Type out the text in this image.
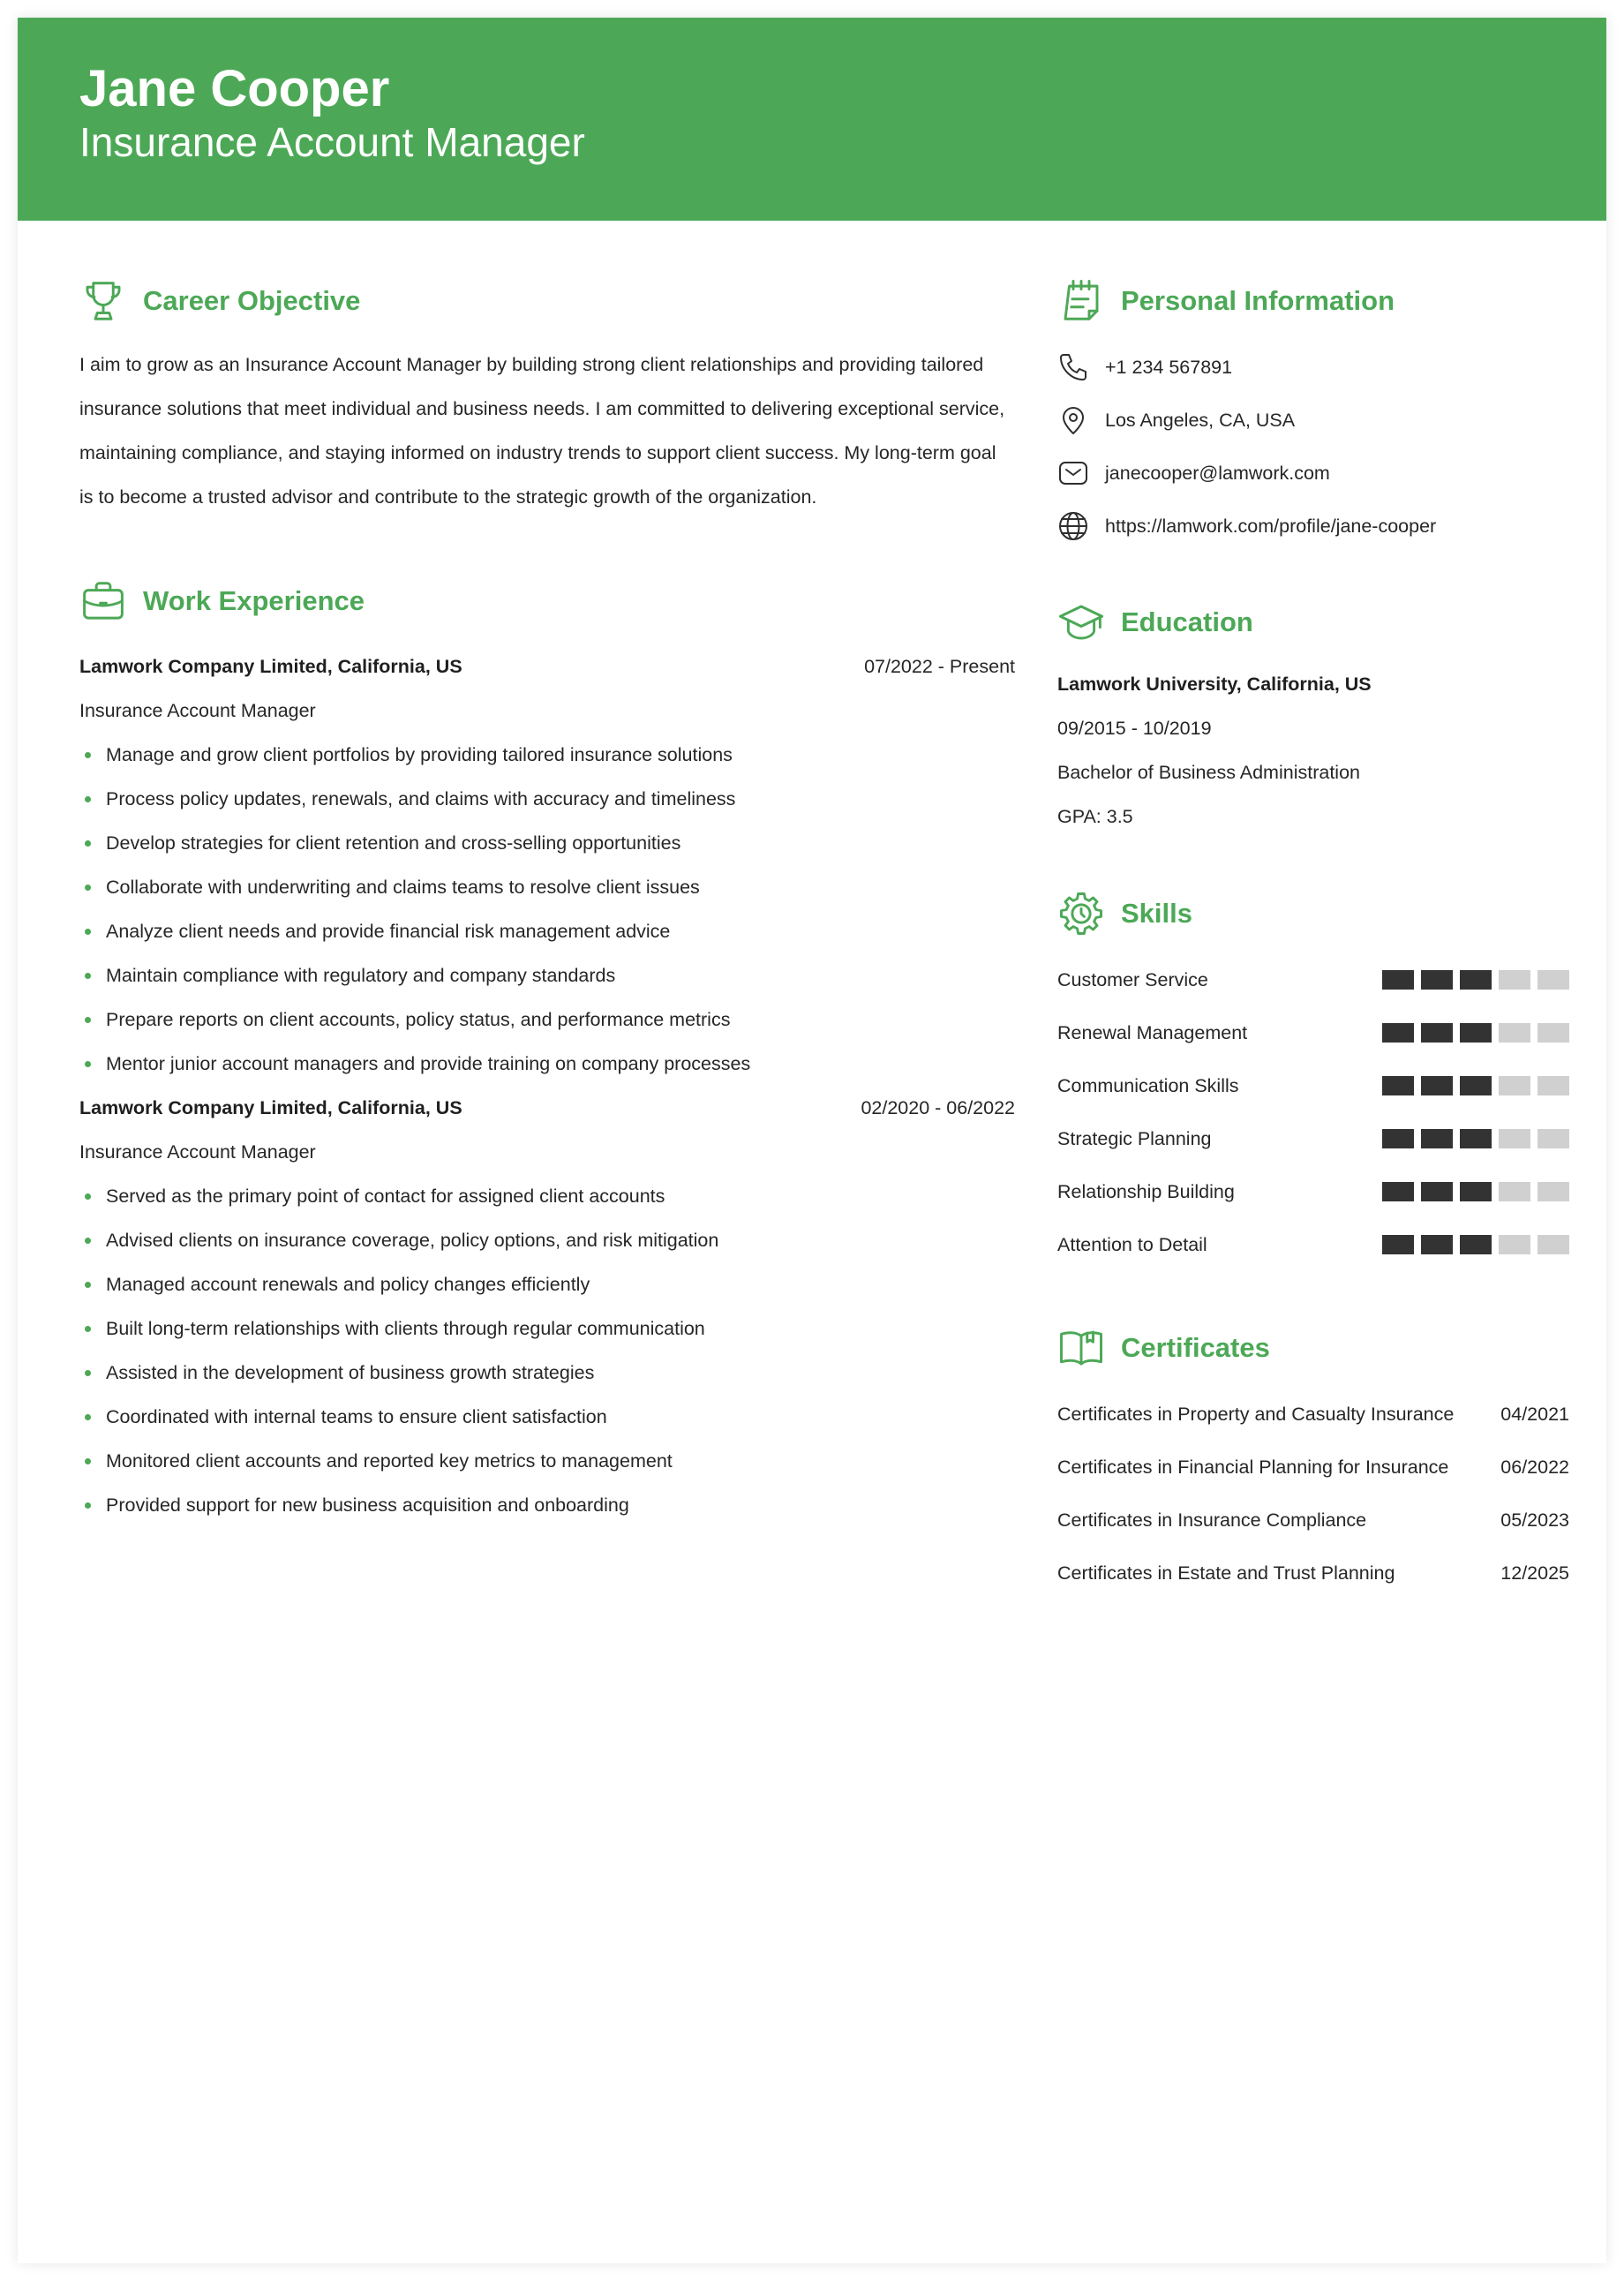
Jane Cooper
Insurance Account Manager
Career Objective
I aim to grow as an Insurance Account Manager by building strong client relationships and providing tailored insurance solutions that meet individual and business needs. I am committed to delivering exceptional service, maintaining compliance, and staying informed on industry trends to support client success. My long-term goal is to become a trusted advisor and contribute to the strategic growth of the organization.
Work Experience
Lamwork Company Limited, California, US	07/2022 - Present
Insurance Account Manager
Manage and grow client portfolios by providing tailored insurance solutions
Process policy updates, renewals, and claims with accuracy and timeliness
Develop strategies for client retention and cross-selling opportunities
Collaborate with underwriting and claims teams to resolve client issues
Analyze client needs and provide financial risk management advice
Maintain compliance with regulatory and company standards
Prepare reports on client accounts, policy status, and performance metrics
Mentor junior account managers and provide training on company processes
Lamwork Company Limited, California, US	02/2020 - 06/2022
Insurance Account Manager
Served as the primary point of contact for assigned client accounts
Advised clients on insurance coverage, policy options, and risk mitigation
Managed account renewals and policy changes efficiently
Built long-term relationships with clients through regular communication
Assisted in the development of business growth strategies
Coordinated with internal teams to ensure client satisfaction
Monitored client accounts and reported key metrics to management
Provided support for new business acquisition and onboarding
Personal Information
+1 234 567891
Los Angeles, CA, USA
janecooper@lamwork.com
https://lamwork.com/profile/jane-cooper
Education
Lamwork University, California, US
09/2015 - 10/2019
Bachelor of Business Administration
GPA: 3.5
Skills
Customer Service
Renewal Management
Communication Skills
Strategic Planning
Relationship Building
Attention to Detail
Certificates
Certificates in Property and Casualty Insurance 04/2021
Certificates in Financial Planning for Insurance	06/2022
Certificates in Insurance Compliance	05/2023
Certificates in Estate and Trust Planning	12/2025
